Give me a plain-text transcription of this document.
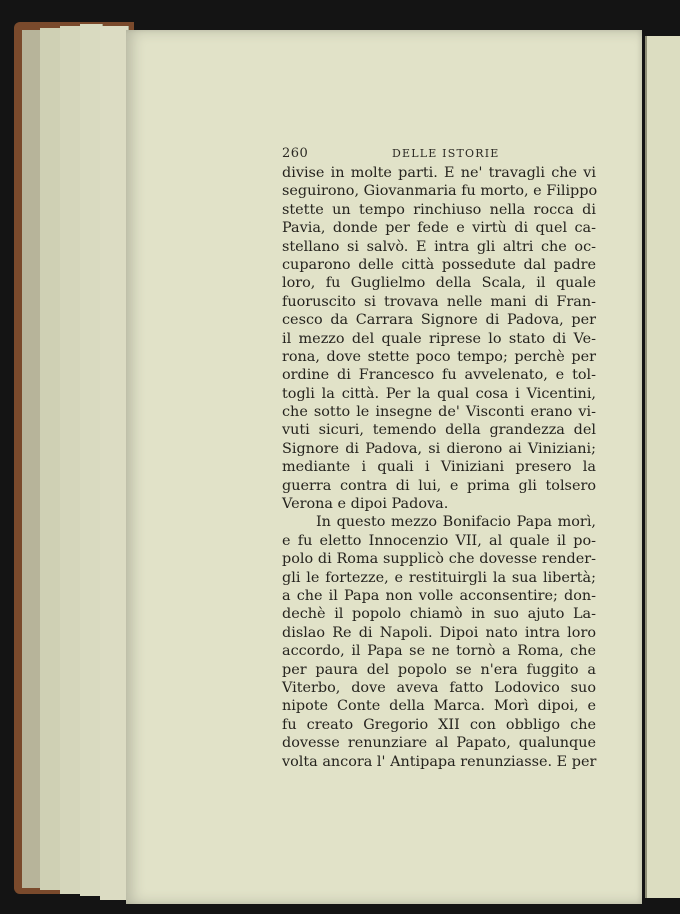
260	DELLE ISTORIE
divise in molte parti. E ne' travagli che vi
seguirono, Giovanmaria fu morto, e Filippo
stette un tempo rinchiuso nella rocca di
Pavia, donde per fede e virtù di quel ca-
stellano si salvò. E intra gli altri che oc-
cuparono delle città possedute dal padre
loro, fu Guglielmo della Scala, il quale
fuoruscito si trovava nelle mani di Fran-
cesco da Carrara Signore di Padova, per
il mezzo del quale riprese lo stato di Ve-
rona, dove stette poco tempo; perchè per
ordine di Francesco fu avvelenato, e tol-
togli la città. Per la qual cosa i Vicentini,
che sotto le insegne de' Visconti erano vi-
vuti sicuri, temendo della grandezza del
Signore di Padova, si dierono ai Viniziani;
mediante i quali i Viniziani presero la
guerra contra di lui, e prima gli tolsero
Verona e dipoi Padova.
In questo mezzo Bonifacio Papa morì,
e fu eletto Innocenzio VII, al quale il po-
polo di Roma supplicò che dovesse render-
gli le fortezze, e restituirgli la sua libertà;
a che il Papa non volle acconsentire; don-
dechè il popolo chiamò in suo ajuto La-
dislao Re di Napoli. Dipoi nato intra loro
accordo, il Papa se ne tornò a Roma, che
per paura del popolo se n'era fuggito a
Viterbo, dove aveva fatto Lodovico suo
nipote Conte della Marca. Morì dipoi, e
fu creato Gregorio XII con obbligo che
dovesse renunziare al Papato, qualunque
volta ancora l' Antipapa renunziasse. E per
